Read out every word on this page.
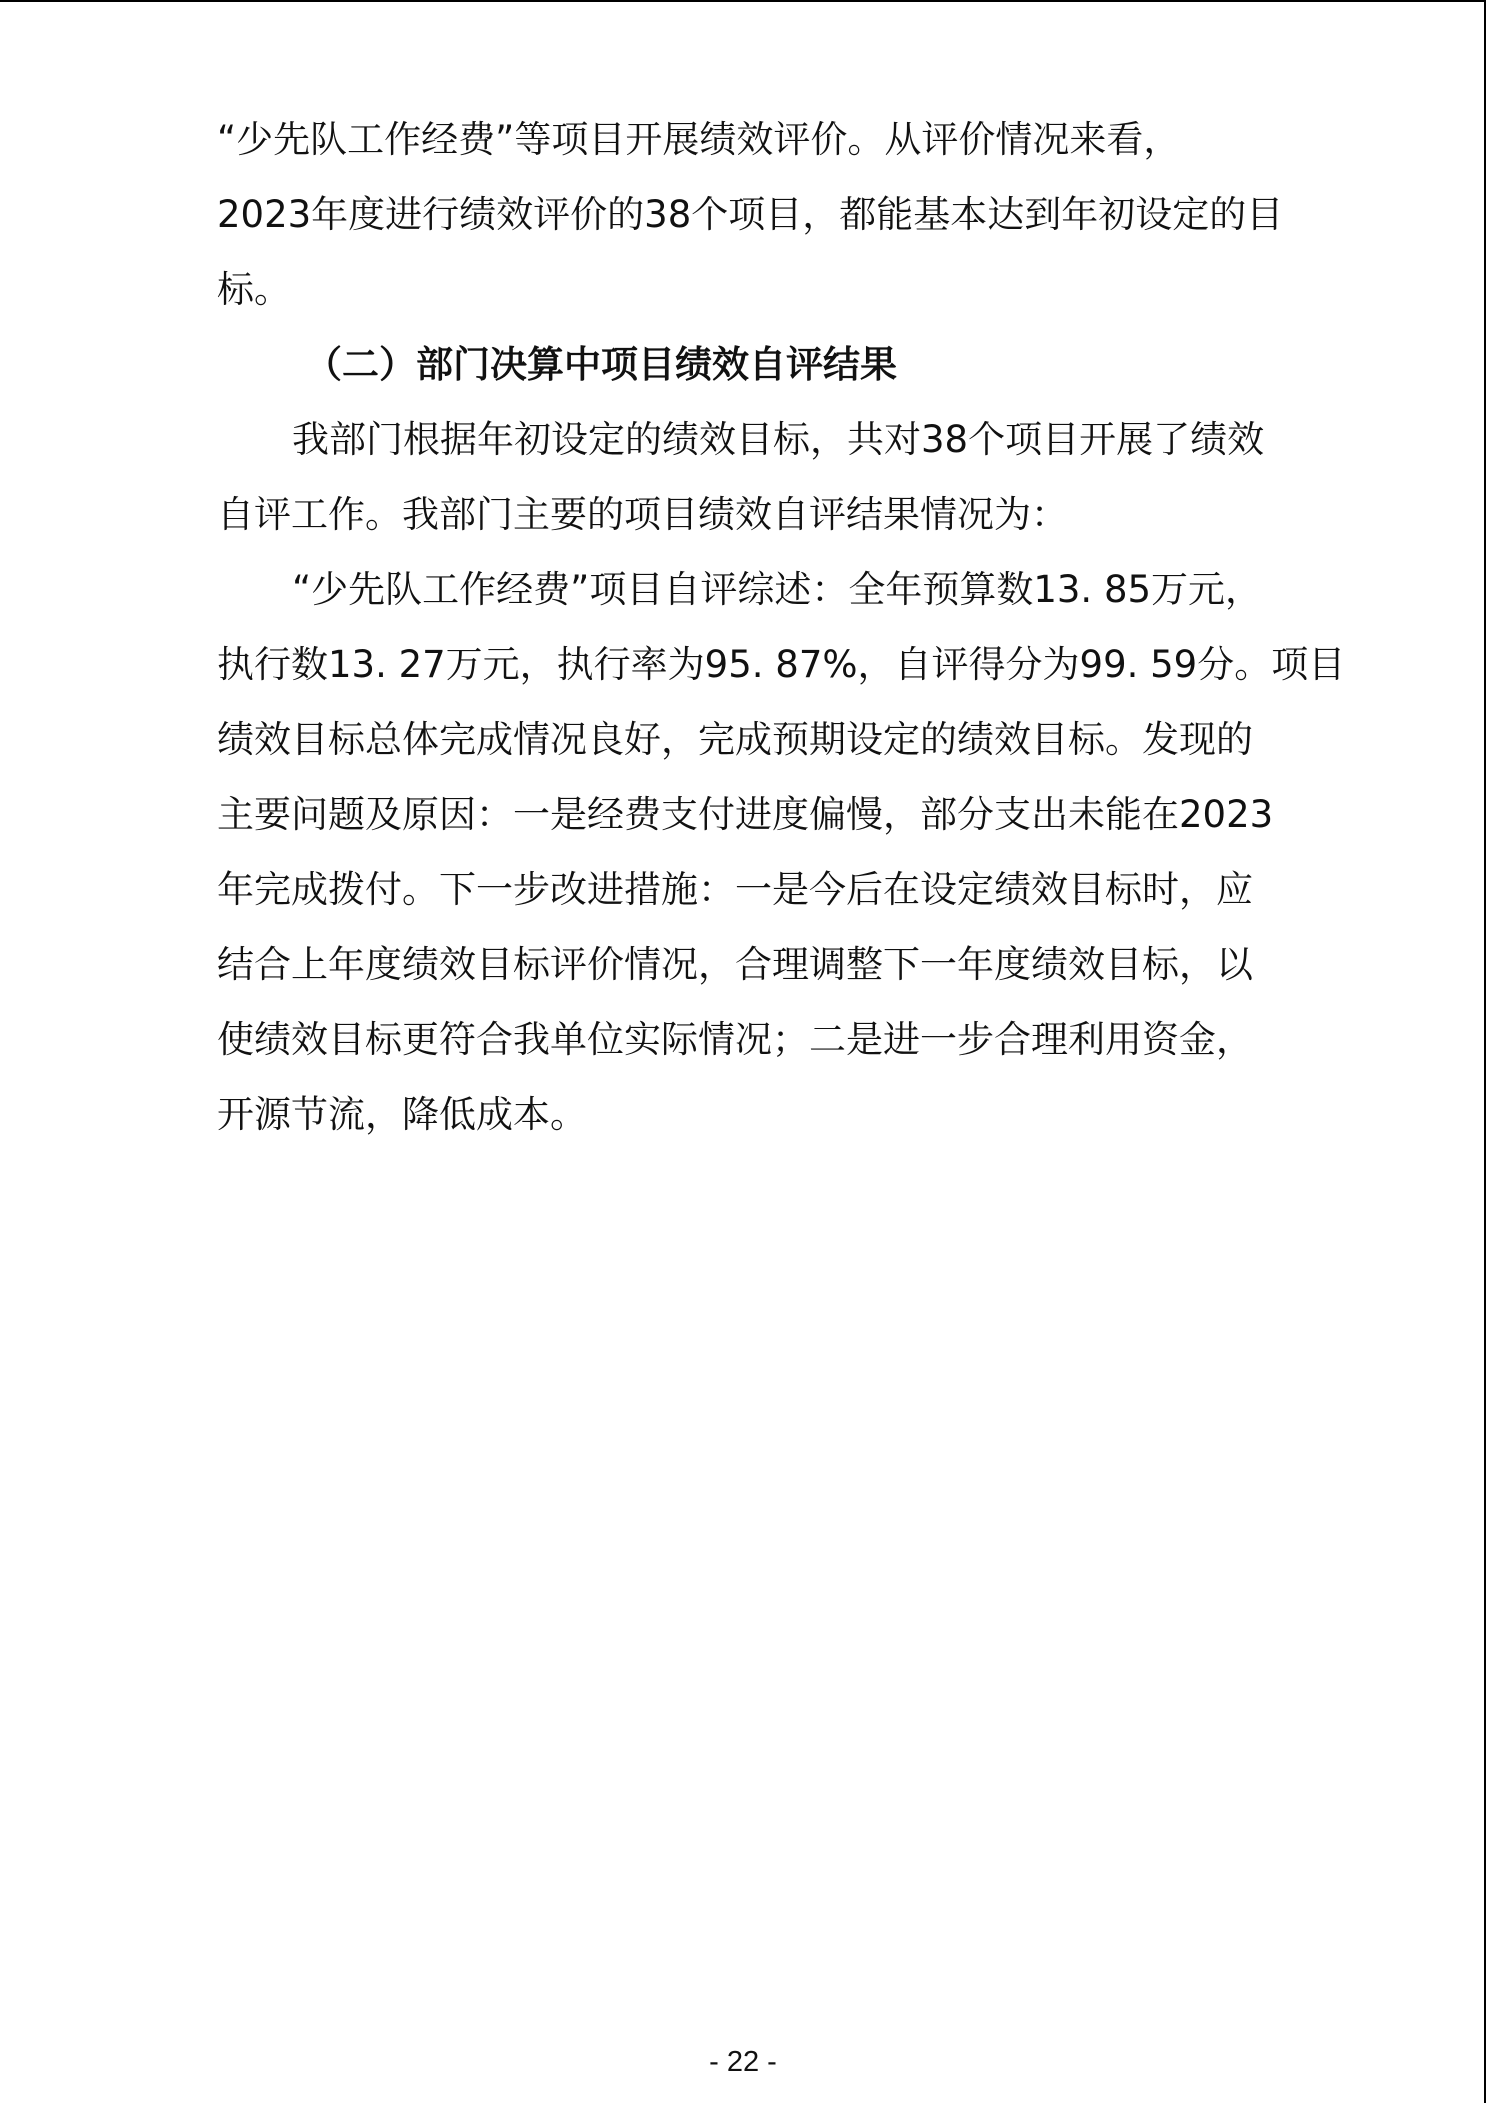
“少先队工作经费”等项目开展绩效评价。从评价情况来看，
2023年度进行绩效评价的38个项目，都能基本达到年初设定的目
标。
（二）部门决算中项目绩效自评结果
我部门根据年初设定的绩效目标，共对38个项目开展了绩效
自评工作。我部门主要的项目绩效自评结果情况为：
“少先队工作经费”项目自评综述：全年预算数13. 85万元，
执行数13. 27万元，执行率为95. 87%，自评得分为99. 59分。项目
绩效目标总体完成情况良好，完成预期设定的绩效目标。发现的
主要问题及原因：一是经费支付进度偏慢，部分支出未能在2023
年完成拨付。下一步改进措施：一是今后在设定绩效目标时，应
结合上年度绩效目标评价情况，合理调整下一年度绩效目标，以
使绩效目标更符合我单位实际情况；二是进一步合理利用资金，
开源节流，降低成本。
- 22 -
